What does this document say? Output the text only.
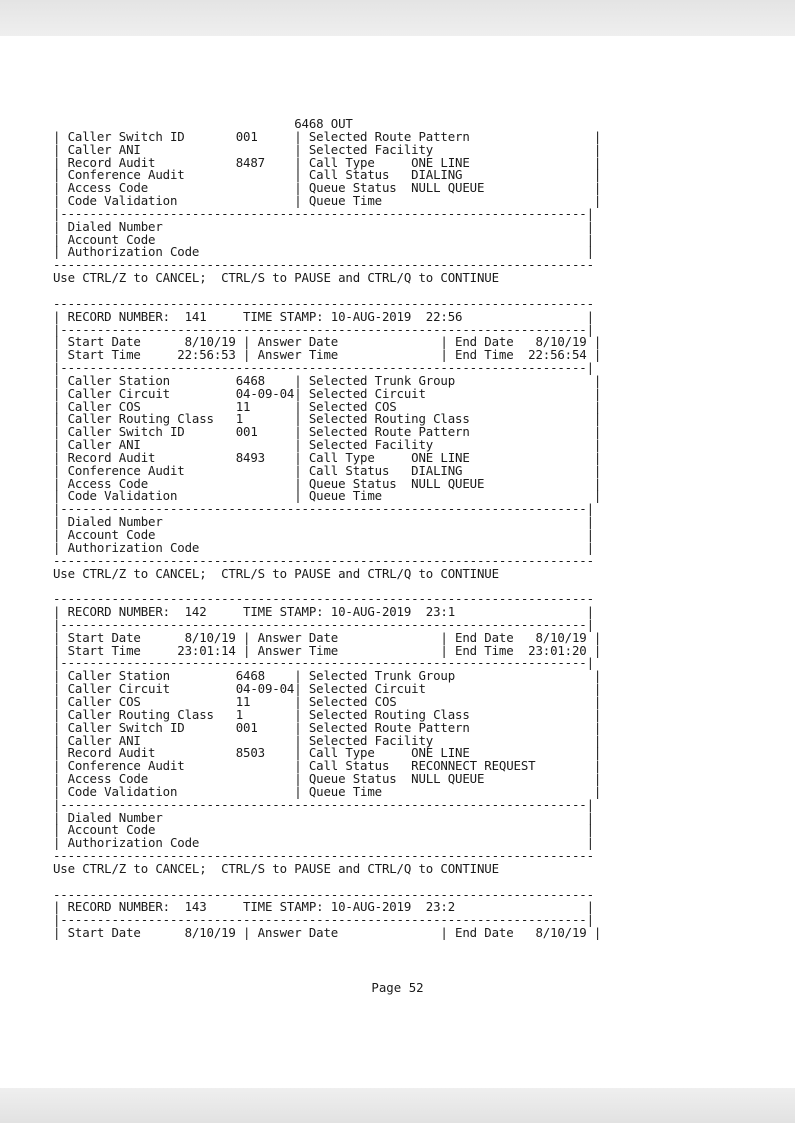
6468 OUT
| Caller Switch ID       001     | Selected Route Pattern                 |
| Caller ANI                     | Selected Facility                      |
| Record Audit           8487    | Call Type     ONE LINE                 |
| Conference Audit               | Call Status   DIALING                  |
| Access Code                    | Queue Status  NULL QUEUE               |
| Code Validation                | Queue Time                             |
|------------------------------------------------------------------------|
| Dialed Number                                                          |
| Account Code                                                           |
| Authorization Code                                                     |
--------------------------------------------------------------------------
Use CTRL/Z to CANCEL;  CTRL/S to PAUSE and CTRL/Q to CONTINUE
--------------------------------------------------------------------------
| RECORD NUMBER:  141     TIME STAMP: 10-AUG-2019  22:56                 |
|------------------------------------------------------------------------|
| Start Date      8/10/19 | Answer Date              | End Date   8/10/19 |
| Start Time     22:56:53 | Answer Time              | End Time  22:56:54 |
|------------------------------------------------------------------------|
| Caller Station         6468    | Selected Trunk Group                   |
| Caller Circuit         04-09-04| Selected Circuit                       |
| Caller COS             11      | Selected COS                           |
| Caller Routing Class   1       | Selected Routing Class                 |
| Caller Switch ID       001     | Selected Route Pattern                 |
| Caller ANI                     | Selected Facility                      |
| Record Audit           8493    | Call Type     ONE LINE                 |
| Conference Audit               | Call Status   DIALING                  |
| Access Code                    | Queue Status  NULL QUEUE               |
| Code Validation                | Queue Time                             |
|------------------------------------------------------------------------|
| Dialed Number                                                          |
| Account Code                                                           |
| Authorization Code                                                     |
--------------------------------------------------------------------------
Use CTRL/Z to CANCEL;  CTRL/S to PAUSE and CTRL/Q to CONTINUE
--------------------------------------------------------------------------
| RECORD NUMBER:  142     TIME STAMP: 10-AUG-2019  23:1                  |
|------------------------------------------------------------------------|
| Start Date      8/10/19 | Answer Date              | End Date   8/10/19 |
| Start Time     23:01:14 | Answer Time              | End Time  23:01:20 |
|------------------------------------------------------------------------|
| Caller Station         6468    | Selected Trunk Group                   |
| Caller Circuit         04-09-04| Selected Circuit                       |
| Caller COS             11      | Selected COS                           |
| Caller Routing Class   1       | Selected Routing Class                 |
| Caller Switch ID       001     | Selected Route Pattern                 |
| Caller ANI                     | Selected Facility                      |
| Record Audit           8503    | Call Type     ONE LINE                 |
| Conference Audit               | Call Status   RECONNECT REQUEST        |
| Access Code                    | Queue Status  NULL QUEUE               |
| Code Validation                | Queue Time                             |
|------------------------------------------------------------------------|
| Dialed Number                                                          |
| Account Code                                                           |
| Authorization Code                                                     |
--------------------------------------------------------------------------
Use CTRL/Z to CANCEL;  CTRL/S to PAUSE and CTRL/Q to CONTINUE
--------------------------------------------------------------------------
| RECORD NUMBER:  143     TIME STAMP: 10-AUG-2019  23:2                  |
|------------------------------------------------------------------------|
| Start Date      8/10/19 | Answer Date              | End Date   8/10/19 |
Page 52
